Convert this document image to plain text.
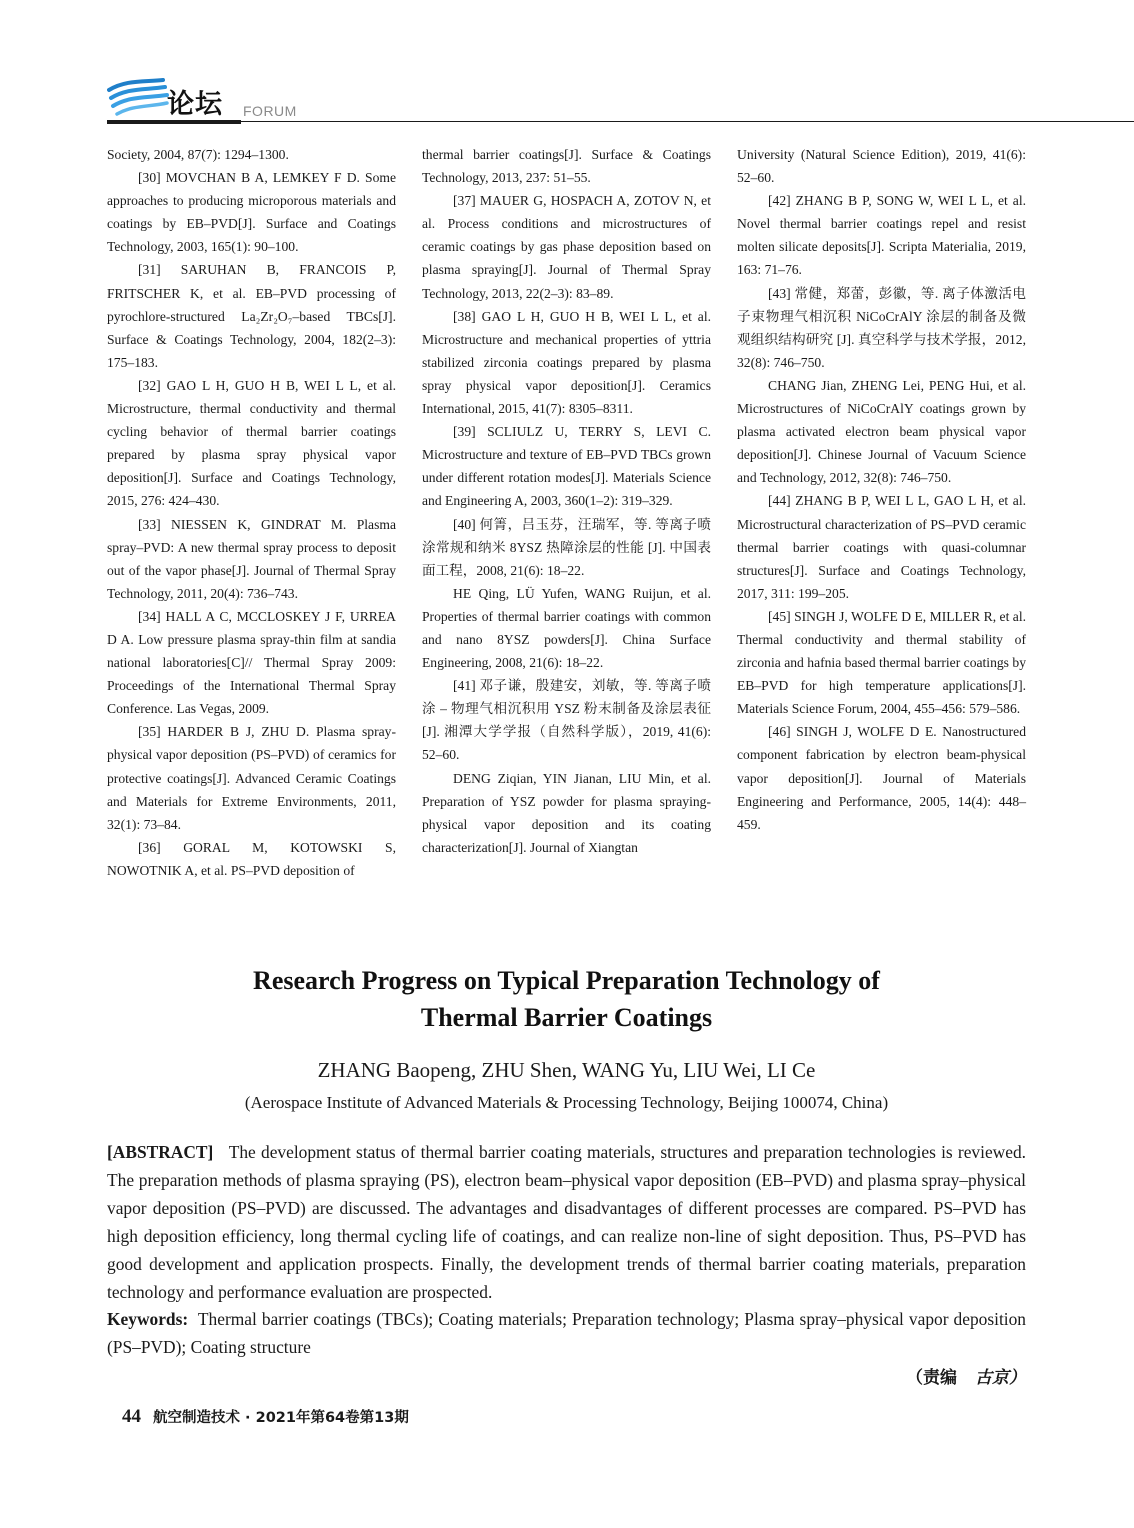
论坛 FORUM

Society, 2004, 87(7): 1294–1300.

[30] MOVCHAN B A, LEMKEY F D. Some approaches to producing microporous materials and coatings by EB–PVD[J]. Surface and Coatings Technology, 2003, 165(1): 90–100.

[31] SARUHAN B, FRANCOIS P, FRITSCHER K, et al. EB–PVD processing of pyrochlore-structured La₂Zr₂O₇–based TBCs[J]. Surface & Coatings Technology, 2004, 182(2–3): 175–183.

[32] GAO L H, GUO H B, WEI L L, et al. Microstructure, thermal conductivity and thermal cycling behavior of thermal barrier coatings prepared by plasma spray physical vapor deposition[J]. Surface and Coatings Technology, 2015, 276: 424–430.

[33] NIESSEN K, GINDRAT M. Plasma spray–PVD: A new thermal spray process to deposit out of the vapor phase[J]. Journal of Thermal Spray Technology, 2011, 20(4): 736–743.

[34] HALL A C, MCCLOSKEY J F, URREA D A. Low pressure plasma spray-thin film at sandia national laboratories[C]// Thermal Spray 2009: Proceedings of the International Thermal Spray Conference. Las Vegas, 2009.

[35] HARDER B J, ZHU D. Plasma spray-physical vapor deposition (PS–PVD) of ceramics for protective coatings[J]. Advanced Ceramic Coatings and Materials for Extreme Environments, 2011, 32(1): 73–84.

[36] GORAL M, KOTOWSKI S, NOWOTNIK A, et al. PS–PVD deposition of

thermal barrier coatings[J]. Surface & Coatings Technology, 2013, 237: 51–55.

[37] MAUER G, HOSPACH A, ZOTOV N, et al. Process conditions and microstructures of ceramic coatings by gas phase deposition based on plasma spraying[J]. Journal of Thermal Spray Technology, 2013, 22(2–3): 83–89.

[38] GAO L H, GUO H B, WEI L L, et al. Microstructure and mechanical properties of yttria stabilized zirconia coatings prepared by plasma spray physical vapor deposition[J]. Ceramics International, 2015, 41(7): 8305–8311.

[39] SCLIULZ U, TERRY S, LEVI C. Microstructure and texture of EB–PVD TBCs grown under different rotation modes[J]. Materials Science and Engineering A, 2003, 360(1–2): 319–329.

[40] 何箐，吕玉芬，汪瑞军，等. 等离子喷涂常规和纳米 8YSZ 热障涂层的性能 [J]. 中国表面工程，2008, 21(6): 18–22.

HE Qing, LÜ Yufen, WANG Ruijun, et al. Properties of thermal barrier coatings with common and nano 8YSZ powders[J]. China Surface Engineering, 2008, 21(6): 18–22.

[41] 邓子谦，殷建安，刘敏，等. 等离子喷涂 – 物理气相沉积用 YSZ 粉末制备及涂层表征 [J]. 湘潭大学学报（自然科学版），2019, 41(6): 52–60.

DENG Ziqian, YIN Jianan, LIU Min, et al. Preparation of YSZ powder for plasma spraying-physical vapor deposition and its coating characterization[J]. Journal of Xiangtan

University (Natural Science Edition), 2019, 41(6): 52–60.

[42] ZHANG B P, SONG W, WEI L L, et al. Novel thermal barrier coatings repel and resist molten silicate deposits[J]. Scripta Materialia, 2019, 163: 71–76.

[43] 常健，郑蕾，彭徽，等. 离子体激活电子束物理气相沉积 NiCoCrAlY 涂层的制备及微观组织结构研究 [J]. 真空科学与技术学报，2012, 32(8): 746–750.

CHANG Jian, ZHENG Lei, PENG Hui, et al. Microstructures of NiCoCrAlY coatings grown by plasma activated electron beam physical vapor deposition[J]. Chinese Journal of Vacuum Science and Technology, 2012, 32(8): 746–750.

[44] ZHANG B P, WEI L L, GAO L H, et al. Microstructural characterization of PS–PVD ceramic thermal barrier coatings with quasi-columnar structures[J]. Surface and Coatings Technology, 2017, 311: 199–205.

[45] SINGH J, WOLFE D E, MILLER R, et al. Thermal conductivity and thermal stability of zirconia and hafnia based thermal barrier coatings by EB–PVD for high temperature applications[J]. Materials Science Forum, 2004, 455–456: 579–586.

[46] SINGH J, WOLFE D E. Nanostructured component fabrication by electron beam-physical vapor deposition[J]. Journal of Materials Engineering and Performance, 2005, 14(4): 448–459.

Research Progress on Typical Preparation Technology of
Thermal Barrier Coatings
ZHANG Baopeng, ZHU Shen, WANG Yu, LIU Wei, LI Ce
(Aerospace Institute of Advanced Materials & Processing Technology, Beijing 100074, China)

[ABSTRACT] The development status of thermal barrier coating materials, structures and preparation technologies is reviewed. The preparation methods of plasma spraying (PS), electron beam–physical vapor deposition (EB–PVD) and plasma spray–physical vapor deposition (PS–PVD) are discussed. The advantages and disadvantages of different processes are compared. PS–PVD has high deposition efficiency, long thermal cycling life of coatings, and can realize non-line of sight deposition. Thus, PS–PVD has good development and application prospects. Finally, the development trends of thermal barrier coating materials, preparation technology and performance evaluation are prospected.

Keywords: Thermal barrier coatings (TBCs); Coating materials; Preparation technology; Plasma spray–physical vapor deposition (PS–PVD); Coating structure

（责编 古京）
44 航空制造技术 · 2021年第64卷第13期
